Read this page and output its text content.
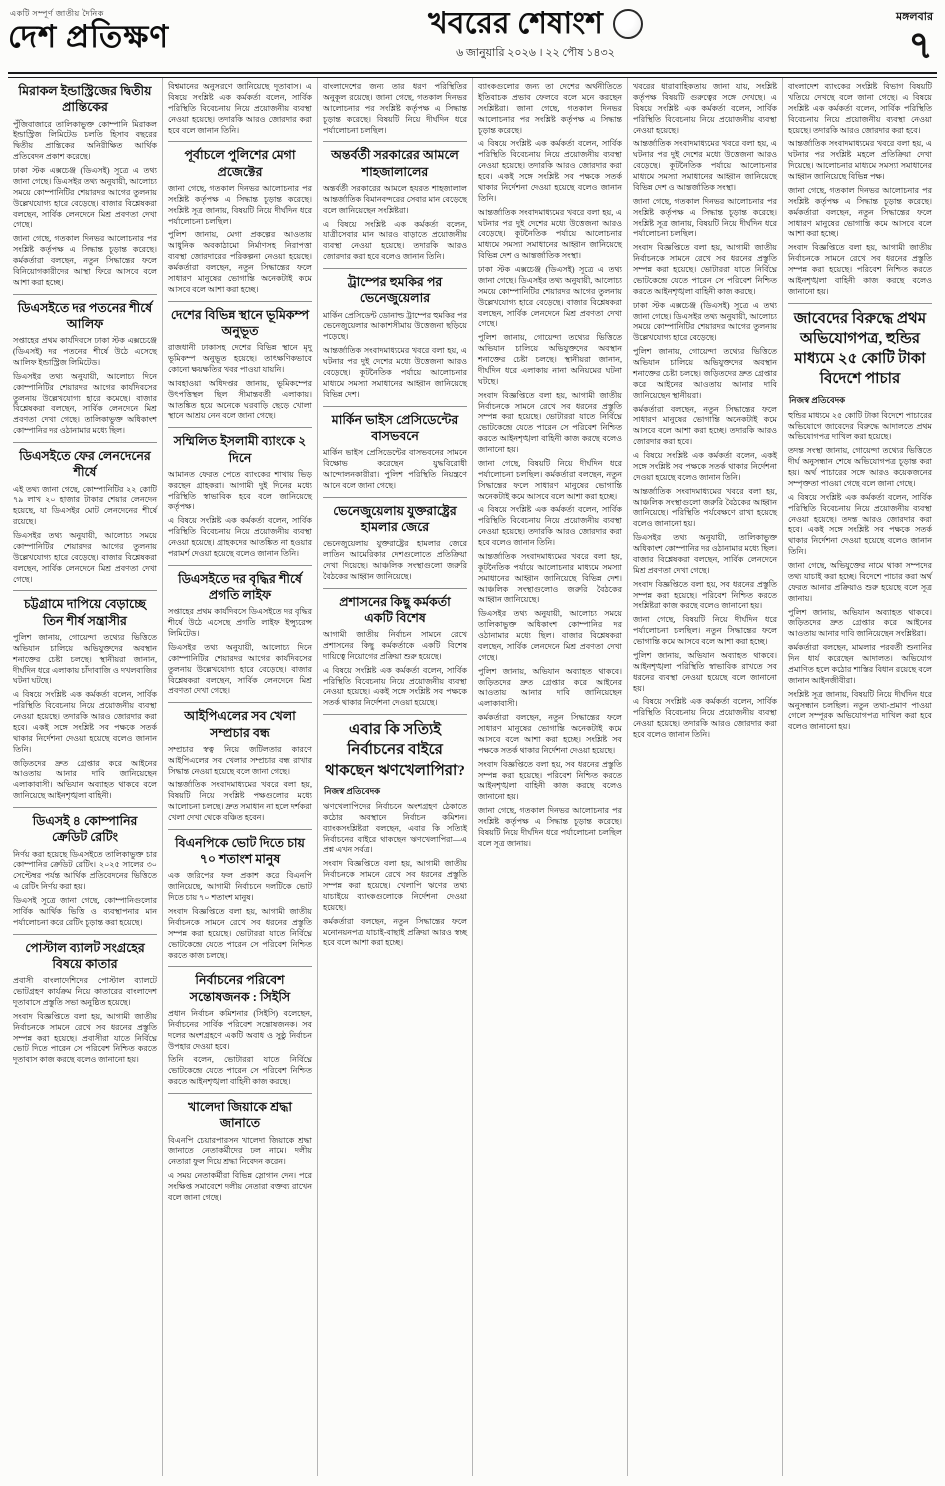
একটি সম্পূর্ণ জাতীয় দৈনিক
দেশ প্রতিক্ষণ	খবরের শেষাংশ
৬ জানুয়ারি ২০২৬ । ২২ পৌষ ১৪৩২
মঙ্গলবার
৭
মিরাকল ইন্ডাস্ট্রিজের দ্বিতীয় প্রান্তিকের

পুঁজিবাজারে তালিকাভুক্ত কোম্পানি মিরাকল ইন্ডাস্ট্রিজ লিমিটেড চলতি হিসাব বছরের দ্বিতীয় প্রান্তিকের অনিরীক্ষিত আর্থিক প্রতিবেদন প্রকাশ করেছে।

ঢাকা স্টক এক্সচেঞ্জ (ডিএসই) সূত্রে এ তথ্য জানা গেছে। ডিএসইর তথ্য অনুযায়ী, আলোচ্য সময়ে কোম্পানিটির শেয়ারদর আগের তুলনায় উল্লেখযোগ্য হারে বেড়েছে। বাজার বিশ্লেষকরা বলছেন, সার্বিক লেনদেনে মিশ্র প্রবণতা দেখা গেছে।

জানা গেছে, গতকাল দিনভর আলোচনার পর সংশ্লিষ্ট কর্তৃপক্ষ এ সিদ্ধান্ত চূড়ান্ত করেছে। কর্মকর্তারা বলছেন, নতুন সিদ্ধান্তের ফলে বিনিয়োগকারীদের আস্থা ফিরে আসবে বলে আশা করা হচ্ছে।

ডিএসইতে দর পতনের শীর্ষে আলিফ

সপ্তাহের প্রথম কার্যদিবসে ঢাকা স্টক এক্সচেঞ্জে (ডিএসই) দর পতনের শীর্ষে উঠে এসেছে আলিফ ইন্ডাস্ট্রিজ লিমিটেড।

ডিএসইর তথ্য অনুযায়ী, আলোচ্য দিনে কোম্পানিটির শেয়ারদর আগের কার্যদিবসের তুলনায় উল্লেখযোগ্য হারে কমেছে। বাজার বিশ্লেষকরা বলছেন, সার্বিক লেনদেনে মিশ্র প্রবণতা দেখা গেছে। তালিকাভুক্ত অধিকাংশ কোম্পানির দর ওঠানামার মধ্যে ছিল।

ডিএসইতে ফের লেনদেনের শীর্ষে

এই তথ্য জানা গেছে, কোম্পানিটির ২২ কোটি ৭৯ লাখ ২০ হাজার টাকার শেয়ার লেনদেন হয়েছে, যা ডিএসইর মোট লেনদেনের শীর্ষে রয়েছে।

ডিএসইর তথ্য অনুযায়ী, আলোচ্য সময়ে কোম্পানিটির শেয়ারদর আগের তুলনায় উল্লেখযোগ্য হারে বেড়েছে। বাজার বিশ্লেষকরা বলছেন, সার্বিক লেনদেনে মিশ্র প্রবণতা দেখা গেছে।

চট্টগ্রামে দাপিয়ে বেড়াচ্ছে তিন শীর্ষ সন্ত্রাসীর

পুলিশ জানায়, গোয়েন্দা তথ্যের ভিত্তিতে অভিযান চালিয়ে অভিযুক্তদের অবস্থান শনাক্তের চেষ্টা চলছে। স্থানীয়রা জানান, দীর্ঘদিন ধরে এলাকায় চাঁদাবাজি ও দখলবাজির ঘটনা ঘটছে।

এ বিষয়ে সংশ্লিষ্ট এক কর্মকর্তা বলেন, সার্বিক পরিস্থিতি বিবেচনায় নিয়ে প্রয়োজনীয় ব্যবস্থা নেওয়া হয়েছে। তদারকি আরও জোরদার করা হবে। একই সঙ্গে সংশ্লিষ্ট সব পক্ষকে সতর্ক থাকার নির্দেশনা দেওয়া হয়েছে বলেও জানান তিনি।

জড়িতদের দ্রুত গ্রেপ্তার করে আইনের আওতায় আনার দাবি জানিয়েছেন এলাকাবাসী। অভিযান অব্যাহত থাকবে বলে জানিয়েছে আইনশৃঙ্খলা বাহিনী।

ডিএসই ৪ কোম্পানির ক্রেডিট রেটিং

নির্ণয় করা হয়েছে ডিএসইতে তালিকাভুক্ত চার কোম্পানির ক্রেডিট রেটিং। ২০২৫ সালের ৩০ সেপ্টেম্বর পর্যন্ত আর্থিক প্রতিবেদনের ভিত্তিতে এ রেটিং নির্ণয় করা হয়।

ডিএসই সূত্রে জানা গেছে, কোম্পানিগুলোর সার্বিক আর্থিক ভিত্তি ও ব্যবস্থাপনার মান পর্যালোচনা করে রেটিং চূড়ান্ত করা হয়েছে।

পোস্টাল ব্যালট সংগ্রহের বিষয়ে কাতার

প্রবাসী বাংলাদেশিদের পোস্টাল ব্যালটে ভোটগ্রহণ কার্যক্রম নিয়ে কাতারের বাংলাদেশ দূতাবাসে প্রস্তুতি সভা অনুষ্ঠিত হয়েছে।

সংবাদ বিজ্ঞপ্তিতে বলা হয়, আগামী জাতীয় নির্বাচনকে সামনে রেখে সব ধরনের প্রস্তুতি সম্পন্ন করা হয়েছে। প্রবাসীরা যাতে নির্বিঘ্নে ভোট দিতে পারেন সে পরিবেশ নিশ্চিত করতে দূতাবাস কাজ করছে বলেও জানানো হয়।

বিশ্বমানের অনুসরণে জানিয়েছে দূতাবাস। এ বিষয়ে সংশ্লিষ্ট এক কর্মকর্তা বলেন, সার্বিক পরিস্থিতি বিবেচনায় নিয়ে প্রয়োজনীয় ব্যবস্থা নেওয়া হয়েছে। তদারকি আরও জোরদার করা হবে বলে জানান তিনি।

পূর্বাচলে পুলিশের মেগা প্রজেক্টের

জানা গেছে, গতকাল দিনভর আলোচনার পর সংশ্লিষ্ট কর্তৃপক্ষ এ সিদ্ধান্ত চূড়ান্ত করেছে। সংশ্লিষ্ট সূত্র জানায়, বিষয়টি নিয়ে দীর্ঘদিন ধরে পর্যালোচনা চলছিল।

পুলিশ জানায়, মেগা প্রকল্পের আওতায় আধুনিক অবকাঠামো নির্মাণসহ নিরাপত্তা ব্যবস্থা জোরদারের পরিকল্পনা নেওয়া হয়েছে। কর্মকর্তারা বলছেন, নতুন সিদ্ধান্তের ফলে সাধারণ মানুষের ভোগান্তি অনেকটাই কমে আসবে বলে আশা করা হচ্ছে।

দেশের বিভিন্ন স্থানে ভূমিকম্প অনুভূত

রাজধানী ঢাকাসহ দেশের বিভিন্ন স্থানে মৃদু ভূমিকম্প অনুভূত হয়েছে। তাৎক্ষণিকভাবে কোনো ক্ষয়ক্ষতির খবর পাওয়া যায়নি।

আবহাওয়া অধিদপ্তর জানায়, ভূমিকম্পের উৎপত্তিস্থল ছিল সীমান্তবর্তী এলাকায়। আতঙ্কিত হয়ে অনেকে ঘরবাড়ি ছেড়ে খোলা স্থানে আশ্রয় নেন বলে জানা গেছে।

সম্মিলিত ইসলামী ব্যাংকে ২ দিনে

আমানত ফেরত পেতে ব্যাংকের শাখায় ভিড় করছেন গ্রাহকরা। আগামী দুই দিনের মধ্যে পরিস্থিতি স্বাভাবিক হবে বলে জানিয়েছে কর্তৃপক্ষ।

এ বিষয়ে সংশ্লিষ্ট এক কর্মকর্তা বলেন, সার্বিক পরিস্থিতি বিবেচনায় নিয়ে প্রয়োজনীয় ব্যবস্থা নেওয়া হয়েছে। গ্রাহকদের আতঙ্কিত না হওয়ার পরামর্শ দেওয়া হয়েছে বলেও জানান তিনি।

ডিএসইতে দর বৃদ্ধির শীর্ষে প্রগতি লাইফ

সপ্তাহের প্রথম কার্যদিবসে ডিএসইতে দর বৃদ্ধির শীর্ষে উঠে এসেছে প্রগতি লাইফ ইন্স্যুরেন্স লিমিটেড।

ডিএসইর তথ্য অনুযায়ী, আলোচ্য দিনে কোম্পানিটির শেয়ারদর আগের কার্যদিবসের তুলনায় উল্লেখযোগ্য হারে বেড়েছে। বাজার বিশ্লেষকরা বলছেন, সার্বিক লেনদেনে মিশ্র প্রবণতা দেখা গেছে।

আইপিএলের সব খেলা সম্প্রচার বন্ধ

সম্প্রচার স্বত্ব নিয়ে জটিলতার কারণে আইপিএলের সব খেলার সম্প্রচার বন্ধ রাখার সিদ্ধান্ত নেওয়া হয়েছে বলে জানা গেছে।

আন্তর্জাতিক সংবাদমাধ্যমের খবরে বলা হয়, বিষয়টি নিয়ে সংশ্লিষ্ট পক্ষগুলোর মধ্যে আলোচনা চলছে। দ্রুত সমাধান না হলে দর্শকরা খেলা দেখা থেকে বঞ্চিত হবেন।

বিএনপিকে ভোট দিতে চায় ৭০ শতাংশ মানুষ

এক জরিপের ফল প্রকাশ করে বিএনপি জানিয়েছে, আগামী নির্বাচনে দলটিকে ভোট দিতে চায় ৭০ শতাংশ মানুষ।

সংবাদ বিজ্ঞপ্তিতে বলা হয়, আগামী জাতীয় নির্বাচনকে সামনে রেখে সব ধরনের প্রস্তুতি সম্পন্ন করা হয়েছে। ভোটাররা যাতে নির্বিঘ্নে ভোটকেন্দ্রে যেতে পারেন সে পরিবেশ নিশ্চিত করতে কাজ চলছে।

নির্বাচনের পরিবেশ সন্তোষজনক : সিইসি

প্রধান নির্বাচন কমিশনার (সিইসি) বলেছেন, নির্বাচনের সার্বিক পরিবেশ সন্তোষজনক। সব দলের অংশগ্রহণে একটি অবাধ ও সুষ্ঠু নির্বাচন উপহার দেওয়া হবে।

তিনি বলেন, ভোটাররা যাতে নির্বিঘ্নে ভোটকেন্দ্রে যেতে পারেন সে পরিবেশ নিশ্চিত করতে আইনশৃঙ্খলা বাহিনী কাজ করছে।

খালেদা জিয়াকে শ্রদ্ধা জানাতে

বিএনপি চেয়ারপারসন খালেদা জিয়াকে শ্রদ্ধা জানাতে নেতাকর্মীদের ঢল নামে। দলীয় নেতারা ফুল দিয়ে শ্রদ্ধা নিবেদন করেন।

এ সময় নেতাকর্মীরা বিভিন্ন স্লোগান দেন। পরে সংক্ষিপ্ত সমাবেশে দলীয় নেতারা বক্তব্য রাখেন বলে জানা গেছে।

বাংলাদেশের জন্য তার ধরণ পরিস্থিতির অনুকূল রয়েছে। জানা গেছে, গতকাল দিনভর আলোচনার পর সংশ্লিষ্ট কর্তৃপক্ষ এ সিদ্ধান্ত চূড়ান্ত করেছে। বিষয়টি নিয়ে দীর্ঘদিন ধরে পর্যালোচনা চলছিল।

অন্তর্বর্তী সরকারের আমলে শাহজালালের

অন্তর্বর্তী সরকারের আমলে হযরত শাহজালাল আন্তর্জাতিক বিমানবন্দরের সেবার মান বেড়েছে বলে জানিয়েছেন সংশ্লিষ্টরা।

এ বিষয়ে সংশ্লিষ্ট এক কর্মকর্তা বলেন, যাত্রীসেবার মান আরও বাড়াতে প্রয়োজনীয় ব্যবস্থা নেওয়া হয়েছে। তদারকি আরও জোরদার করা হবে বলেও জানান তিনি।

ট্রাম্পের হুমকির পর ভেনেজুয়েলার

মার্কিন প্রেসিডেন্ট ডোনাল্ড ট্রাম্পের হুমকির পর ভেনেজুয়েলার আকাশসীমায় উত্তেজনা ছড়িয়ে পড়েছে।

আন্তর্জাতিক সংবাদমাধ্যমের খবরে বলা হয়, এ ঘটনার পর দুই দেশের মধ্যে উত্তেজনা আরও বেড়েছে। কূটনৈতিক পর্যায়ে আলোচনার মাধ্যমে সমস্যা সমাধানের আহ্বান জানিয়েছে বিভিন্ন দেশ।

মার্কিন ভাইস প্রেসিডেন্টের বাসভবনে

মার্কিন ভাইস প্রেসিডেন্টের বাসভবনের সামনে বিক্ষোভ করেছেন যুদ্ধবিরোধী আন্দোলনকারীরা। পুলিশ পরিস্থিতি নিয়ন্ত্রণে আনে বলে জানা গেছে।

ভেনেজুয়েলায় যুক্তরাষ্ট্রের হামলার জেরে

ভেনেজুয়েলায় যুক্তরাষ্ট্রের হামলার জেরে লাতিন আমেরিকার দেশগুলোতে প্রতিক্রিয়া দেখা দিয়েছে। আঞ্চলিক সংস্থাগুলো জরুরি বৈঠকের আহ্বান জানিয়েছে।

প্রশাসনের কিছু কর্মকর্তা একটি বিশেষ

আগামী জাতীয় নির্বাচন সামনে রেখে প্রশাসনের কিছু কর্মকর্তাকে একটি বিশেষ দায়িত্বে নিয়োগের প্রক্রিয়া শুরু হয়েছে।

এ বিষয়ে সংশ্লিষ্ট এক কর্মকর্তা বলেন, সার্বিক পরিস্থিতি বিবেচনায় নিয়ে প্রয়োজনীয় ব্যবস্থা নেওয়া হয়েছে। একই সঙ্গে সংশ্লিষ্ট সব পক্ষকে সতর্ক থাকার নির্দেশনা দেওয়া হয়েছে।

এবার কি সত্যিই নির্বাচনের বাইরে থাকছেন ঋণখেলাপিরা?
নিজস্ব প্রতিবেদক

ঋণখেলাপিদের নির্বাচনে অংশগ্রহণ ঠেকাতে কঠোর অবস্থানে নির্বাচন কমিশন। ব্যাংকসংশ্লিষ্টরা বলছেন, এবার কি সত্যিই নির্বাচনের বাইরে থাকছেন ঋণখেলাপিরা—এ প্রশ্ন এখন সর্বত্র।

সংবাদ বিজ্ঞপ্তিতে বলা হয়, আগামী জাতীয় নির্বাচনকে সামনে রেখে সব ধরনের প্রস্তুতি সম্পন্ন করা হয়েছে। খেলাপি ঋণের তথ্য যাচাইয়ে ব্যাংকগুলোকে নির্দেশনা দেওয়া হয়েছে।

কর্মকর্তারা বলছেন, নতুন সিদ্ধান্তের ফলে মনোনয়নপত্র যাচাই-বাছাই প্রক্রিয়া আরও স্বচ্ছ হবে বলে আশা করা হচ্ছে।

ব্যাংকগুলোর জন্য তা দেশের অর্থনীতিতে ইতিবাচক প্রভাব ফেলবে বলে মনে করছেন সংশ্লিষ্টরা। জানা গেছে, গতকাল দিনভর আলোচনার পর সংশ্লিষ্ট কর্তৃপক্ষ এ সিদ্ধান্ত চূড়ান্ত করেছে।

এ বিষয়ে সংশ্লিষ্ট এক কর্মকর্তা বলেন, সার্বিক পরিস্থিতি বিবেচনায় নিয়ে প্রয়োজনীয় ব্যবস্থা নেওয়া হয়েছে। তদারকি আরও জোরদার করা হবে। একই সঙ্গে সংশ্লিষ্ট সব পক্ষকে সতর্ক থাকার নির্দেশনা দেওয়া হয়েছে বলেও জানান তিনি।

আন্তর্জাতিক সংবাদমাধ্যমের খবরে বলা হয়, এ ঘটনার পর দুই দেশের মধ্যে উত্তেজনা আরও বেড়েছে। কূটনৈতিক পর্যায়ে আলোচনার মাধ্যমে সমস্যা সমাধানের আহ্বান জানিয়েছে বিভিন্ন দেশ ও আন্তর্জাতিক সংস্থা।

ঢাকা স্টক এক্সচেঞ্জ (ডিএসই) সূত্রে এ তথ্য জানা গেছে। ডিএসইর তথ্য অনুযায়ী, আলোচ্য সময়ে কোম্পানিটির শেয়ারদর আগের তুলনায় উল্লেখযোগ্য হারে বেড়েছে। বাজার বিশ্লেষকরা বলছেন, সার্বিক লেনদেনে মিশ্র প্রবণতা দেখা গেছে।

পুলিশ জানায়, গোয়েন্দা তথ্যের ভিত্তিতে অভিযান চালিয়ে অভিযুক্তদের অবস্থান শনাক্তের চেষ্টা চলছে। স্থানীয়রা জানান, দীর্ঘদিন ধরে এলাকায় নানা অনিয়মের ঘটনা ঘটছে।

সংবাদ বিজ্ঞপ্তিতে বলা হয়, আগামী জাতীয় নির্বাচনকে সামনে রেখে সব ধরনের প্রস্তুতি সম্পন্ন করা হয়েছে। ভোটাররা যাতে নির্বিঘ্নে ভোটকেন্দ্রে যেতে পারেন সে পরিবেশ নিশ্চিত করতে আইনশৃঙ্খলা বাহিনী কাজ করছে বলেও জানানো হয়।

জানা গেছে, বিষয়টি নিয়ে দীর্ঘদিন ধরে পর্যালোচনা চলছিল। কর্মকর্তারা বলছেন, নতুন সিদ্ধান্তের ফলে সাধারণ মানুষের ভোগান্তি অনেকটাই কমে আসবে বলে আশা করা হচ্ছে।

এ বিষয়ে সংশ্লিষ্ট এক কর্মকর্তা বলেন, সার্বিক পরিস্থিতি বিবেচনায় নিয়ে প্রয়োজনীয় ব্যবস্থা নেওয়া হয়েছে। তদারকি আরও জোরদার করা হবে বলেও জানান তিনি।

আন্তর্জাতিক সংবাদমাধ্যমের খবরে বলা হয়, কূটনৈতিক পর্যায়ে আলোচনার মাধ্যমে সমস্যা সমাধানের আহ্বান জানিয়েছে বিভিন্ন দেশ। আঞ্চলিক সংস্থাগুলোও জরুরি বৈঠকের আহ্বান জানিয়েছে।

ডিএসইর তথ্য অনুযায়ী, আলোচ্য সময়ে তালিকাভুক্ত অধিকাংশ কোম্পানির দর ওঠানামার মধ্যে ছিল। বাজার বিশ্লেষকরা বলছেন, সার্বিক লেনদেনে মিশ্র প্রবণতা দেখা গেছে।

পুলিশ জানায়, অভিযান অব্যাহত থাকবে। জড়িতদের দ্রুত গ্রেপ্তার করে আইনের আওতায় আনার দাবি জানিয়েছেন এলাকাবাসী।

কর্মকর্তারা বলছেন, নতুন সিদ্ধান্তের ফলে সাধারণ মানুষের ভোগান্তি অনেকটাই কমে আসবে বলে আশা করা হচ্ছে। সংশ্লিষ্ট সব পক্ষকে সতর্ক থাকার নির্দেশনা দেওয়া হয়েছে।

সংবাদ বিজ্ঞপ্তিতে বলা হয়, সব ধরনের প্রস্তুতি সম্পন্ন করা হয়েছে। পরিবেশ নিশ্চিত করতে আইনশৃঙ্খলা বাহিনী কাজ করছে বলেও জানানো হয়।

জানা গেছে, গতকাল দিনভর আলোচনার পর সংশ্লিষ্ট কর্তৃপক্ষ এ সিদ্ধান্ত চূড়ান্ত করেছে। বিষয়টি নিয়ে দীর্ঘদিন ধরে পর্যালোচনা চলছিল বলে সূত্র জানায়।

খবরের ধারাবাহিকতায় জানা যায়, সংশ্লিষ্ট কর্তৃপক্ষ বিষয়টি গুরুত্বের সঙ্গে দেখছে। এ বিষয়ে সংশ্লিষ্ট এক কর্মকর্তা বলেন, সার্বিক পরিস্থিতি বিবেচনায় নিয়ে প্রয়োজনীয় ব্যবস্থা নেওয়া হয়েছে।

আন্তর্জাতিক সংবাদমাধ্যমের খবরে বলা হয়, এ ঘটনার পর দুই দেশের মধ্যে উত্তেজনা আরও বেড়েছে। কূটনৈতিক পর্যায়ে আলোচনার মাধ্যমে সমস্যা সমাধানের আহ্বান জানিয়েছে বিভিন্ন দেশ ও আন্তর্জাতিক সংস্থা।

জানা গেছে, গতকাল দিনভর আলোচনার পর সংশ্লিষ্ট কর্তৃপক্ষ এ সিদ্ধান্ত চূড়ান্ত করেছে। সংশ্লিষ্ট সূত্র জানায়, বিষয়টি নিয়ে দীর্ঘদিন ধরে পর্যালোচনা চলছিল।

সংবাদ বিজ্ঞপ্তিতে বলা হয়, আগামী জাতীয় নির্বাচনকে সামনে রেখে সব ধরনের প্রস্তুতি সম্পন্ন করা হয়েছে। ভোটাররা যাতে নির্বিঘ্নে ভোটকেন্দ্রে যেতে পারেন সে পরিবেশ নিশ্চিত করতে আইনশৃঙ্খলা বাহিনী কাজ করছে।

ঢাকা স্টক এক্সচেঞ্জ (ডিএসই) সূত্রে এ তথ্য জানা গেছে। ডিএসইর তথ্য অনুযায়ী, আলোচ্য সময়ে কোম্পানিটির শেয়ারদর আগের তুলনায় উল্লেখযোগ্য হারে বেড়েছে।

পুলিশ জানায়, গোয়েন্দা তথ্যের ভিত্তিতে অভিযান চালিয়ে অভিযুক্তদের অবস্থান শনাক্তের চেষ্টা চলছে। জড়িতদের দ্রুত গ্রেপ্তার করে আইনের আওতায় আনার দাবি জানিয়েছেন স্থানীয়রা।

কর্মকর্তারা বলছেন, নতুন সিদ্ধান্তের ফলে সাধারণ মানুষের ভোগান্তি অনেকটাই কমে আসবে বলে আশা করা হচ্ছে। তদারকি আরও জোরদার করা হবে।

এ বিষয়ে সংশ্লিষ্ট এক কর্মকর্তা বলেন, একই সঙ্গে সংশ্লিষ্ট সব পক্ষকে সতর্ক থাকার নির্দেশনা দেওয়া হয়েছে বলেও জানান তিনি।

আন্তর্জাতিক সংবাদমাধ্যমের খবরে বলা হয়, আঞ্চলিক সংস্থাগুলো জরুরি বৈঠকের আহ্বান জানিয়েছে। পরিস্থিতি পর্যবেক্ষণে রাখা হয়েছে বলেও জানানো হয়।

ডিএসইর তথ্য অনুযায়ী, তালিকাভুক্ত অধিকাংশ কোম্পানির দর ওঠানামার মধ্যে ছিল। বাজার বিশ্লেষকরা বলছেন, সার্বিক লেনদেনে মিশ্র প্রবণতা দেখা গেছে।

সংবাদ বিজ্ঞপ্তিতে বলা হয়, সব ধরনের প্রস্তুতি সম্পন্ন করা হয়েছে। পরিবেশ নিশ্চিত করতে সংশ্লিষ্টরা কাজ করছে বলেও জানানো হয়।

জানা গেছে, বিষয়টি নিয়ে দীর্ঘদিন ধরে পর্যালোচনা চলছিল। নতুন সিদ্ধান্তের ফলে ভোগান্তি কমে আসবে বলে আশা করা হচ্ছে।

পুলিশ জানায়, অভিযান অব্যাহত থাকবে। আইনশৃঙ্খলা পরিস্থিতি স্বাভাবিক রাখতে সব ধরনের ব্যবস্থা নেওয়া হয়েছে বলে জানানো হয়।

এ বিষয়ে সংশ্লিষ্ট এক কর্মকর্তা বলেন, সার্বিক পরিস্থিতি বিবেচনায় নিয়ে প্রয়োজনীয় ব্যবস্থা নেওয়া হয়েছে। তদারকি আরও জোরদার করা হবে বলেও জানান তিনি।

বাংলাদেশ ব্যাংকের সংশ্লিষ্ট বিভাগ বিষয়টি খতিয়ে দেখছে বলে জানা গেছে। এ বিষয়ে সংশ্লিষ্ট এক কর্মকর্তা বলেন, সার্বিক পরিস্থিতি বিবেচনায় নিয়ে প্রয়োজনীয় ব্যবস্থা নেওয়া হয়েছে। তদারকি আরও জোরদার করা হবে।

আন্তর্জাতিক সংবাদমাধ্যমের খবরে বলা হয়, এ ঘটনার পর সংশ্লিষ্ট মহলে প্রতিক্রিয়া দেখা দিয়েছে। আলোচনার মাধ্যমে সমস্যা সমাধানের আহ্বান জানিয়েছে বিভিন্ন পক্ষ।

জানা গেছে, গতকাল দিনভর আলোচনার পর সংশ্লিষ্ট কর্তৃপক্ষ এ সিদ্ধান্ত চূড়ান্ত করেছে। কর্মকর্তারা বলছেন, নতুন সিদ্ধান্তের ফলে সাধারণ মানুষের ভোগান্তি কমে আসবে বলে আশা করা হচ্ছে।

সংবাদ বিজ্ঞপ্তিতে বলা হয়, আগামী জাতীয় নির্বাচনকে সামনে রেখে সব ধরনের প্রস্তুতি সম্পন্ন করা হয়েছে। পরিবেশ নিশ্চিত করতে আইনশৃঙ্খলা বাহিনী কাজ করছে বলেও জানানো হয়।

জাবেদের বিরুদ্ধে প্রথম অভিযোগপত্র, হুন্ডির মাধ্যমে ২৫ কোটি টাকা বিদেশে পাচার
নিজস্ব প্রতিবেদক

হুন্ডির মাধ্যমে ২৫ কোটি টাকা বিদেশে পাচারের অভিযোগে জাবেদের বিরুদ্ধে আদালতে প্রথম অভিযোগপত্র দাখিল করা হয়েছে।

তদন্ত সংস্থা জানায়, গোয়েন্দা তথ্যের ভিত্তিতে দীর্ঘ অনুসন্ধান শেষে অভিযোগপত্র চূড়ান্ত করা হয়। অর্থ পাচারের সঙ্গে আরও কয়েকজনের সম্পৃক্ততা পাওয়া গেছে বলে জানা গেছে।

এ বিষয়ে সংশ্লিষ্ট এক কর্মকর্তা বলেন, সার্বিক পরিস্থিতি বিবেচনায় নিয়ে প্রয়োজনীয় ব্যবস্থা নেওয়া হয়েছে। তদন্ত আরও জোরদার করা হবে। একই সঙ্গে সংশ্লিষ্ট সব পক্ষকে সতর্ক থাকার নির্দেশনা দেওয়া হয়েছে বলেও জানান তিনি।

জানা গেছে, অভিযুক্তের নামে থাকা সম্পদের তথ্য যাচাই করা হচ্ছে। বিদেশে পাচার করা অর্থ ফেরত আনার প্রক্রিয়াও শুরু হয়েছে বলে সূত্র জানায়।

পুলিশ জানায়, অভিযান অব্যাহত থাকবে। জড়িতদের দ্রুত গ্রেপ্তার করে আইনের আওতায় আনার দাবি জানিয়েছেন সংশ্লিষ্টরা।

কর্মকর্তারা বলছেন, মামলার পরবর্তী শুনানির দিন ধার্য করেছেন আদালত। অভিযোগ প্রমাণিত হলে কঠোর শাস্তির বিধান রয়েছে বলে জানান আইনজীবীরা।

সংশ্লিষ্ট সূত্র জানায়, বিষয়টি নিয়ে দীর্ঘদিন ধরে অনুসন্ধান চলছিল। নতুন তথ্য-প্রমাণ পাওয়া গেলে সম্পূরক অভিযোগপত্র দাখিল করা হবে বলেও জানানো হয়।
